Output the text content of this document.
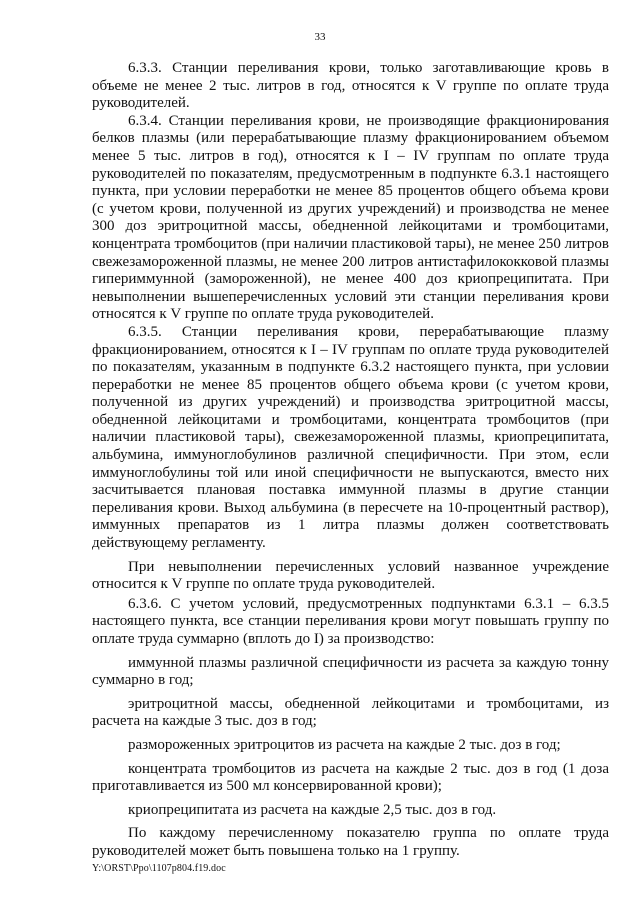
33

6.3.3. Станции переливания крови, только заготавливающие кровь в объеме не менее 2 тыс. литров в год, относятся к V группе по оплате труда руководителей.

6.3.4. Станции переливания крови, не производящие фракционирования белков плазмы (или перерабатывающие плазму фракционированием объемом менее 5 тыс. литров в год), относятся к I – IV группам по оплате труда руководителей по показателям, предусмотренным в подпункте 6.3.1 настоящего пункта, при условии переработки не менее 85 процентов общего объема крови (с учетом крови, полученной из других учреждений) и производства не менее 300 доз эритроцитной массы, обедненной лейкоцитами и тромбоцитами, концентрата тромбоцитов (при наличии пластиковой тары), не менее 250 литров свежезамороженной плазмы, не менее 200 литров антистафилококковой плазмы гипериммунной (замороженной), не менее 400 доз криопреципитата. При невыполнении вышеперечисленных условий эти станции переливания крови относятся к V группе по оплате труда руководителей.

6.3.5. Станции переливания крови, перерабатывающие плазму фракционированием, относятся к I – IV группам по оплате труда руководителей по показателям, указанным в подпункте 6.3.2 настоящего пункта, при условии переработки не менее 85 процентов общего объема крови (с учетом крови, полученной из других учреждений) и производства эритроцитной массы, обедненной лейкоцитами и тромбоцитами, концентрата тромбоцитов (при наличии пластиковой тары), свежезамороженной плазмы, криопреципитата, альбумина, иммуноглобулинов различной специфичности. При этом, если иммуноглобулины той или иной специфичности не выпускаются, вместо них засчитывается плановая поставка иммунной плазмы в другие станции переливания крови. Выход альбумина (в пересчете на 10-процентный раствор), иммунных препаратов из 1 литра плазмы должен соответствовать действующему регламенту.

При невыполнении перечисленных условий названное учреждение относится к V группе по оплате труда руководителей.

6.3.6. С учетом условий, предусмотренных подпунктами 6.3.1 – 6.3.5 настоящего пункта, все станции переливания крови могут повышать группу по оплате труда суммарно (вплоть до I) за производство:

иммунной плазмы различной специфичности из расчета за каждую тонну суммарно в год;

эритроцитной массы, обедненной лейкоцитами и тромбоцитами, из расчета на каждые 3 тыс. доз в год;

размороженных эритроцитов из расчета на каждые 2 тыс. доз в год;

концентрата тромбоцитов из расчета на каждые 2 тыс. доз в год (1 доза приготавливается из 500 мл консервированной крови);

криопреципитата из расчета на каждые 2,5 тыс. доз в год.

По каждому перечисленному показателю группа по оплате труда руководителей может быть повышена только на 1 группу.

Y:\ORST\Ppo\1107p804.f19.doc
